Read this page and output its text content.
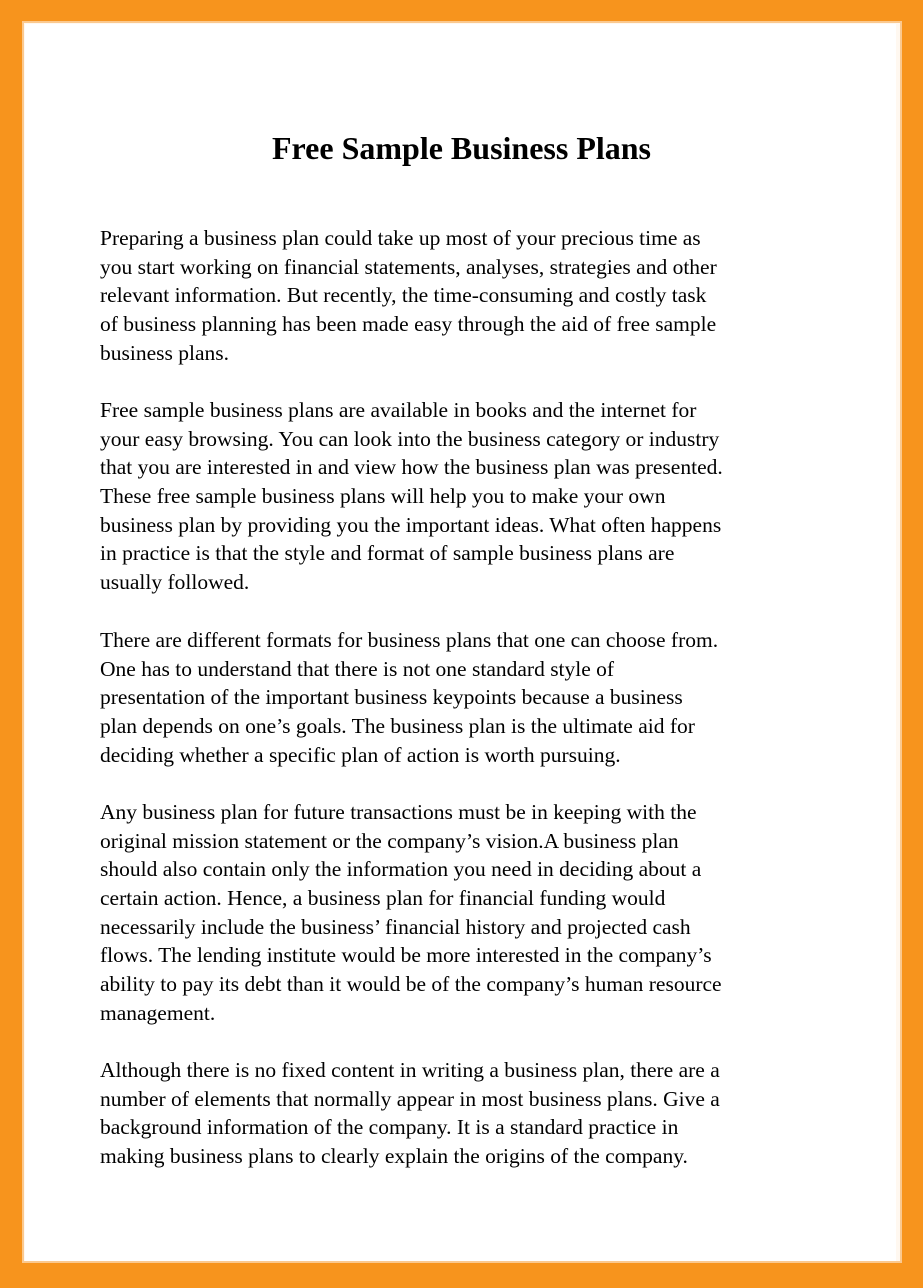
Free Sample Business Plans
Preparing a business plan could take up most of your precious time as
you start working on financial statements, analyses, strategies and other
relevant information. But recently, the time-consuming and costly task
of business planning has been made easy through the aid of free sample
business plans.
Free sample business plans are available in books and the internet for
your easy browsing. You can look into the business category or industry
that you are interested in and view how the business plan was presented.
These free sample business plans will help you to make your own
business plan by providing you the important ideas. What often happens
in practice is that the style and format of sample business plans are
usually followed.
There are different formats for business plans that one can choose from.
One has to understand that there is not one standard style of
presentation of the important business keypoints because a business
plan depends on one’s goals. The business plan is the ultimate aid for
deciding whether a specific plan of action is worth pursuing.
Any business plan for future transactions must be in keeping with the
original mission statement or the company’s vision.A business plan
should also contain only the information you need in deciding about a
certain action. Hence, a business plan for financial funding would
necessarily include the business’ financial history and projected cash
flows. The lending institute would be more interested in the company’s
ability to pay its debt than it would be of the company’s human resource
management.
Although there is no fixed content in writing a business plan, there are a
number of elements that normally appear in most business plans. Give a
background information of the company. It is a standard practice in
making business plans to clearly explain the origins of the company.
